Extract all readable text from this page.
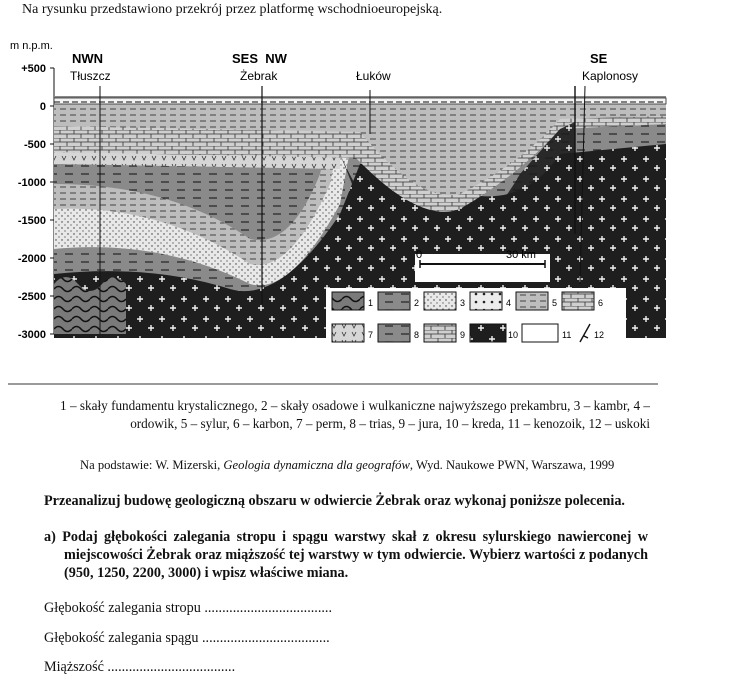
Na rysunku przedstawiono przekrój przez platformę wschodnioeuropejską.
m n.p.m.
+500
0
-500
-1000
-1500
-2000
-2500
-3000
NWN	SES  NW	SE
Tłuszcz	Żebrak	Łuków	Kaplonosy
0	30 km
1	2	3	4	5	6
7	8	9	10	11	12
1 – skały fundamentu krystalicznego, 2 – skały osadowe i wulkaniczne najwyższego prekambru, 3 – kambr, 4 – ordowik, 5 – sylur, 6 – karbon, 7 – perm, 8 – trias, 9 – jura, 10 – kreda, 11 – kenozoik, 12 – uskoki
Na podstawie: W. Mizerski, Geologia dynamiczna dla geografów, Wyd. Naukowe PWN, Warszawa, 1999
Przeanalizuj budowę geologiczną obszaru w odwiercie Żebrak oraz wykonaj poniższe polecenia.
a) Podaj głębokości zalegania stropu i spągu warstwy skał z okresu sylurskiego nawierconej w miejscowości Żebrak oraz miąższość tej warstwy w tym odwiercie. Wybierz wartości z podanych (950, 1250, 2200, 3000) i wpisz właściwe miana.
Głębokość zalegania stropu ....................................
Głębokość zalegania spągu ....................................
Miąższość ....................................
